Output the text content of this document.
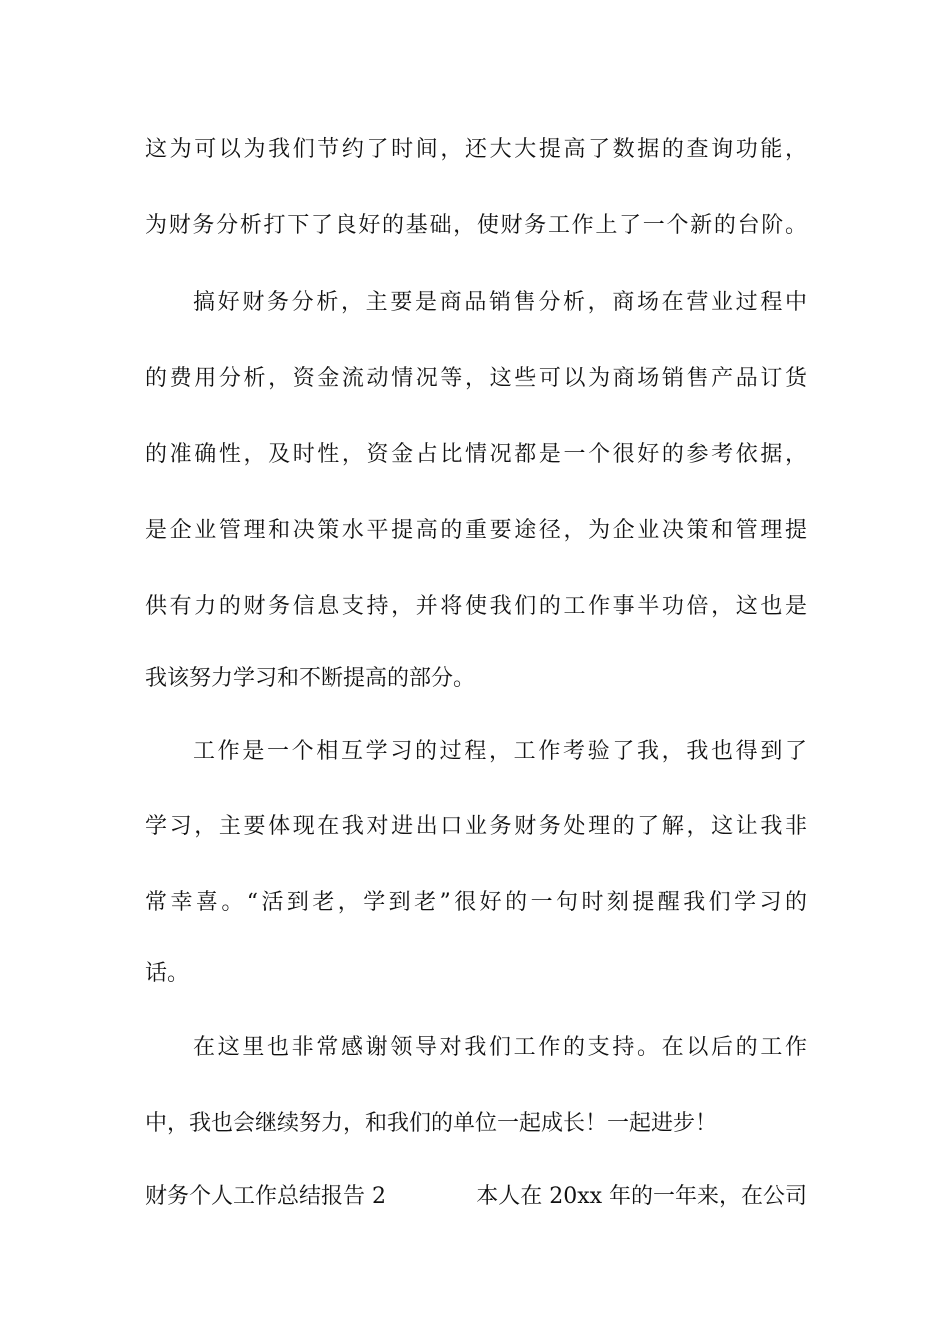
这为可以为我们节约了时间，还大大提高了数据的查询功能，
为财务分析打下了良好的基础，使财务工作上了一个新的台阶。
搞好财务分析，主要是商品销售分析，商场在营业过程中
的费用分析，资金流动情况等，这些可以为商场销售产品订货
的准确性，及时性，资金占比情况都是一个很好的参考依据，
是企业管理和决策水平提高的重要途径，为企业决策和管理提
供有力的财务信息支持，并将使我们的工作事半功倍，这也是
我该努力学习和不断提高的部分。
工作是一个相互学习的过程，工作考验了我，我也得到了
学习，主要体现在我对进出口业务财务处理的了解，这让我非
常幸喜。“活到老，学到老”很好的一句时刻提醒我们学习的
话。
在这里也非常感谢领导对我们工作的支持。在以后的工作
中，我也会继续努力，和我们的单位一起成长！一起进步！
财务个人工作总结报告 2	本人在 20xx 年的一年来，在公司
